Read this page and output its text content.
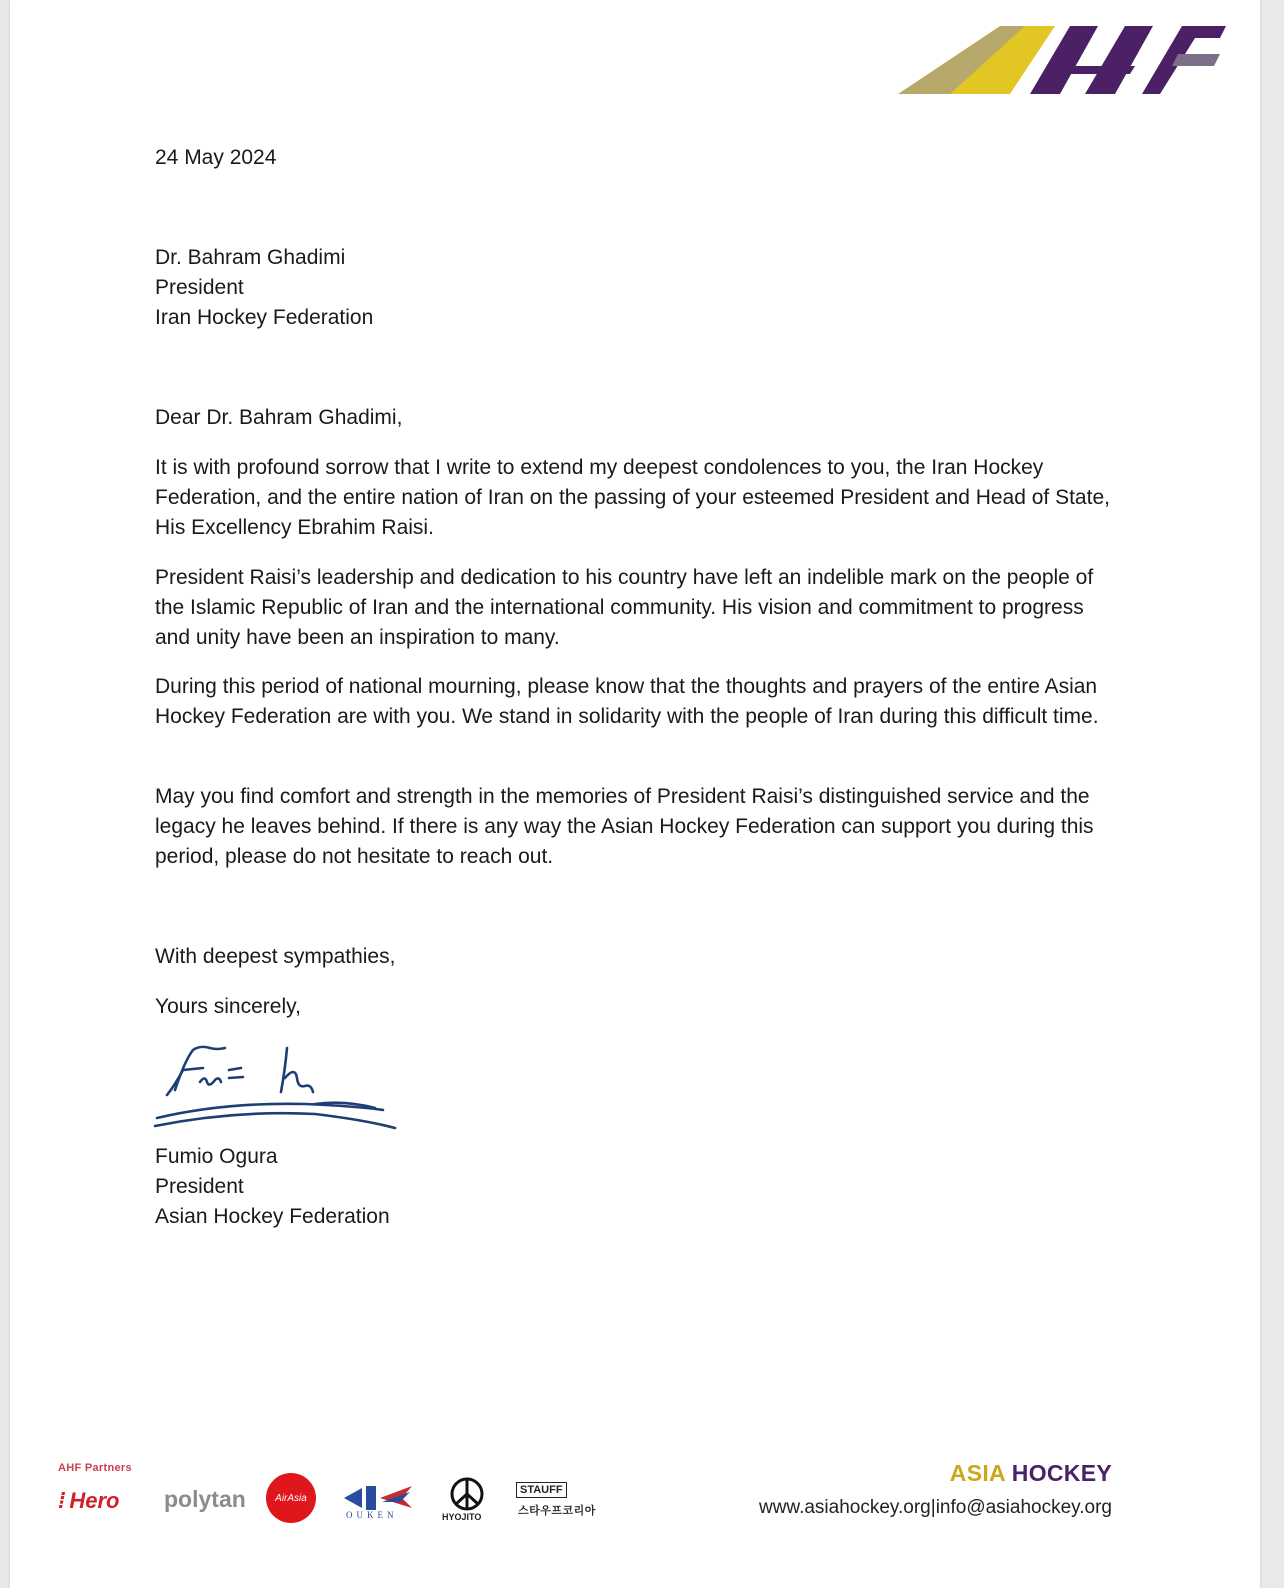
24 May 2024
Dr. Bahram Ghadimi
President
Iran Hockey Federation
Dear Dr. Bahram Ghadimi,
It is with profound sorrow that I write to extend my deepest condolences to you, the Iran Hockey Federation, and the entire nation of Iran on the passing of your esteemed President and Head of State, His Excellency Ebrahim Raisi.
President Raisi’s leadership and dedication to his country have left an indelible mark on the people of the Islamic Republic of Iran and the international community. His vision and commitment to progress and unity have been an inspiration to many.
During this period of national mourning, please know that the thoughts and prayers of the entire Asian Hockey Federation are with you. We stand in solidarity with the people of Iran during this difficult time.
May you find comfort and strength in the memories of President Raisi’s distinguished service and the legacy he leaves behind. If there is any way the Asian Hockey Federation can support you during this period, please do not hesitate to reach out.
With deepest sympathies,
Yours sincerely,
Fumio Ogura
President
Asian Hockey Federation
AHF Partners
⁞ Hero polytan	AirAsia
OUKEN	HYOJITO
STAUFF
스타우프코리아
ASIA HOCKEY
www.asiahockey.org|info@asiahockey.org
